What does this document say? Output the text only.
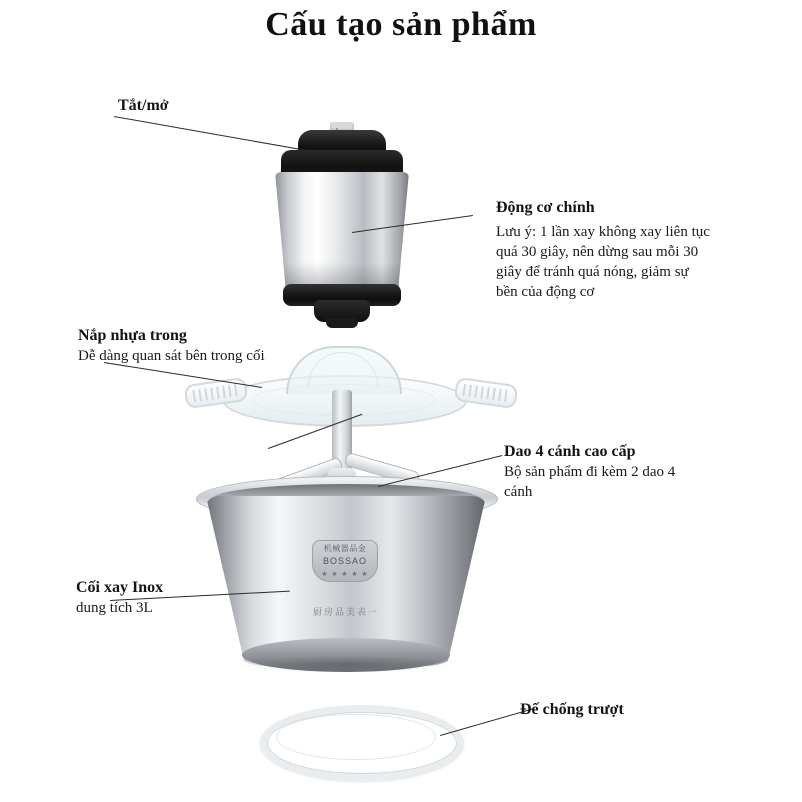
Cấu tạo sản phẩm
机械器品金
BOSSAO
★ ★ ★ ★ ★
厨房品美表一
Tắt/mở
Động cơ chính
Lưu ý: 1 lần xay không xay liên tục quá 30 giây, nên dừng sau mỗi 30 giây để tránh quá nóng, giảm sự bền của động cơ
Nắp nhựa trong
Dễ dàng quan sát bên trong cối
Dao 4 cánh cao cấp
Bộ sản phẩm đi kèm 2 dao 4 cánh
Cối xay Inox
dung tích 3L
Đế chống trượt
